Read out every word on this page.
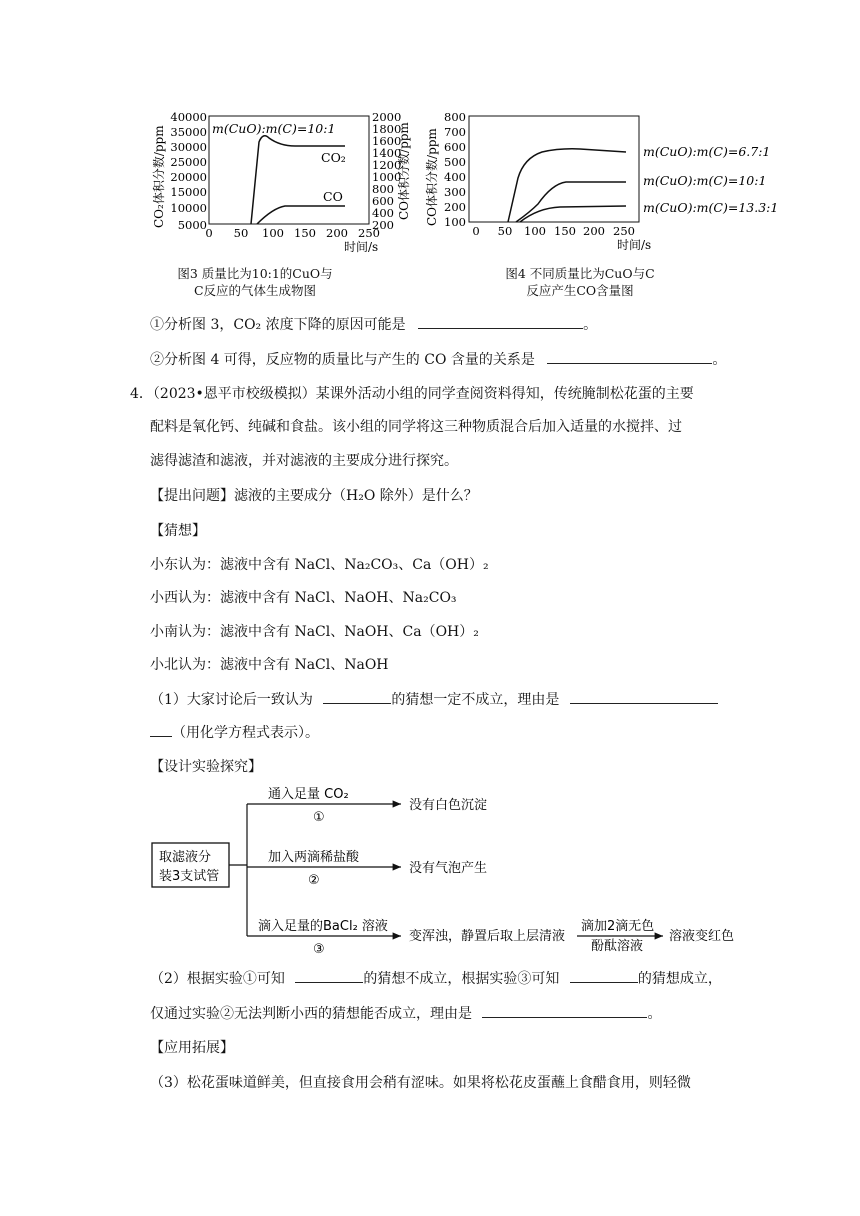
CO₂体积分数/ppm
40000
35000
30000
25000
20000
15000
10000
5000
2000
1800
1600
1400
1200
1000
800
600
400
200
CO体积分数/ppm
m(CuO):m(C)=10:1
CO₂
CO
0 50 100 150 200 250
时间/s
图3 质量比为10:1的CuO与
C反应的气体生成物图
CO体积分数/ppm
800
700
600
500
400
300
200
100
m(CuO):m(C)=6.7:1
m(CuO):m(C)=10:1
m(CuO):m(C)=13.3:1
0 50 100 150 200 250
时间/s
图4 不同质量比为CuO与C
反应产生CO含量图
①分析图 3，CO₂ 浓度下降的原因可能是	。
②分析图 4 可得，反应物的质量比与产生的 CO 含量的关系是	。
4．（2023•恩平市校级模拟）某课外活动小组的同学查阅资料得知，传统腌制松花蛋的主要
配料是氧化钙、纯碱和食盐。该小组的同学将这三种物质混合后加入适量的水搅拌、过
滤得滤渣和滤液，并对滤液的主要成分进行探究。
【提出问题】滤液的主要成分（H₂O 除外）是什么？
【猜想】
小东认为：滤液中含有 NaCl、Na₂CO₃、Ca（OH）₂
小西认为：滤液中含有 NaCl、NaOH、Na₂CO₃
小南认为：滤液中含有 NaCl、NaOH、Ca（OH）₂
小北认为：滤液中含有 NaCl、NaOH
（1）大家讨论后一致认为	的猜想一定不成立，理由是
（用化学方程式表示）。
【设计实验探究】
取滤液分
装3支试管
通入足量 CO₂
①
没有白色沉淀
加入两滴稀盐酸
②
没有气泡产生
滴入足量的BaCl₂ 溶液
③
变浑浊，静置后取上层清液
滴加2滴无色
酚酞溶液
溶液变红色
（2）根据实验①可知	的猜想不成立，根据实验③可知	的猜想成立，
仅通过实验②无法判断小西的猜想能否成立，理由是	。
【应用拓展】
（3）松花蛋味道鲜美，但直接食用会稍有涩味。如果将松花皮蛋蘸上食醋食用，则轻微
